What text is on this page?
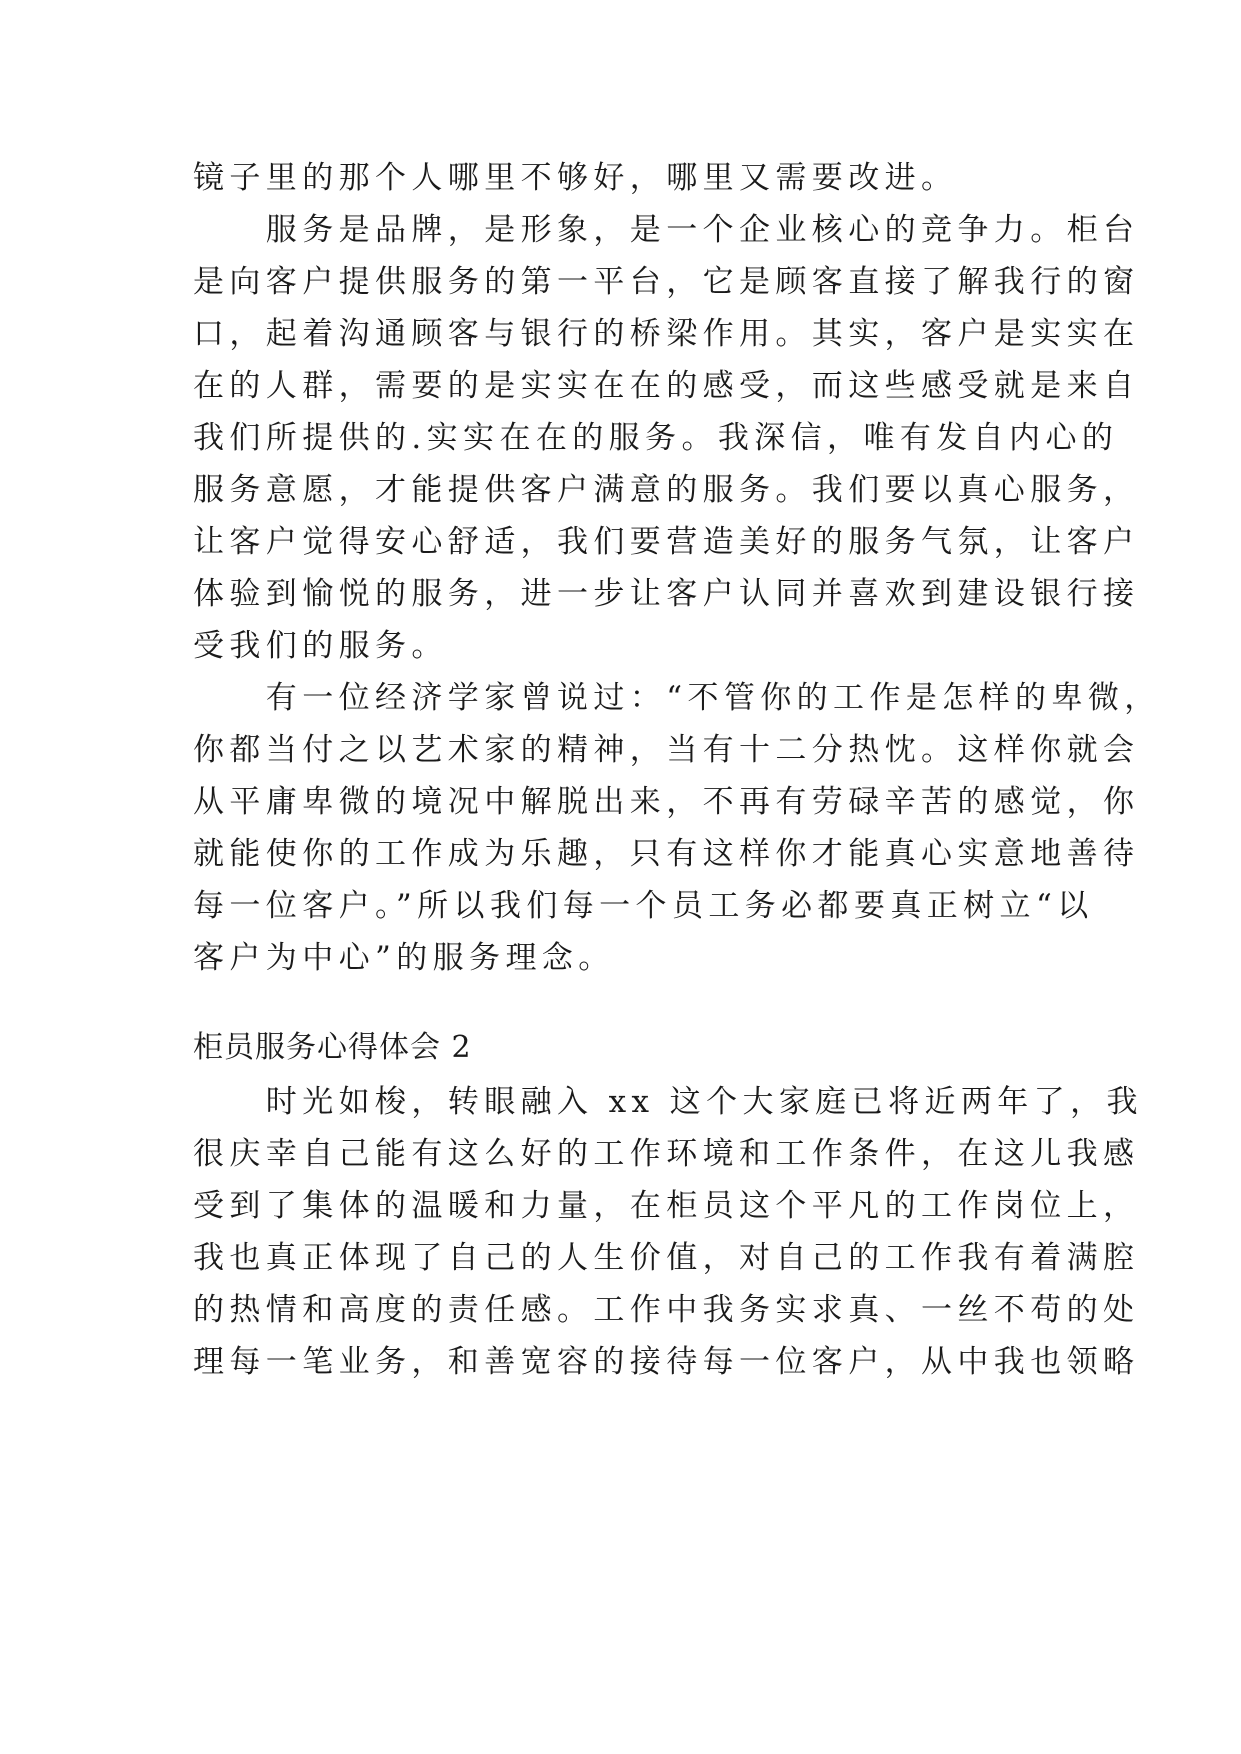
镜子里的那个人哪里不够好，哪里又需要改进。
　　服务是品牌，是形象，是一个企业核心的竞争力。柜台
是向客户提供服务的第一平台，它是顾客直接了解我行的窗
口，起着沟通顾客与银行的桥梁作用。其实，客户是实实在
在的人群，需要的是实实在在的感受，而这些感受就是来自
我们所提供的.实实在在的服务。我深信，唯有发自内心的
服务意愿，才能提供客户满意的服务。我们要以真心服务，
让客户觉得安心舒适，我们要营造美好的服务气氛，让客户
体验到愉悦的服务，进一步让客户认同并喜欢到建设银行接
受我们的服务。
　　有一位经济学家曾说过：“不管你的工作是怎样的卑微，
你都当付之以艺术家的精神，当有十二分热忱。这样你就会
从平庸卑微的境况中解脱出来，不再有劳碌辛苦的感觉，你
就能使你的工作成为乐趣，只有这样你才能真心实意地善待
每一位客户。”所以我们每一个员工务必都要真正树立“以
客户为中心”的服务理念。
柜员服务心得体会 2
　　时光如梭，转眼融入 xx 这个大家庭已将近两年了，我
很庆幸自己能有这么好的工作环境和工作条件，在这儿我感
受到了集体的温暖和力量，在柜员这个平凡的工作岗位上，
我也真正体现了自己的人生价值，对自己的工作我有着满腔
的热情和高度的责任感。工作中我务实求真、一丝不苟的处
理每一笔业务，和善宽容的接待每一位客户，从中我也领略
